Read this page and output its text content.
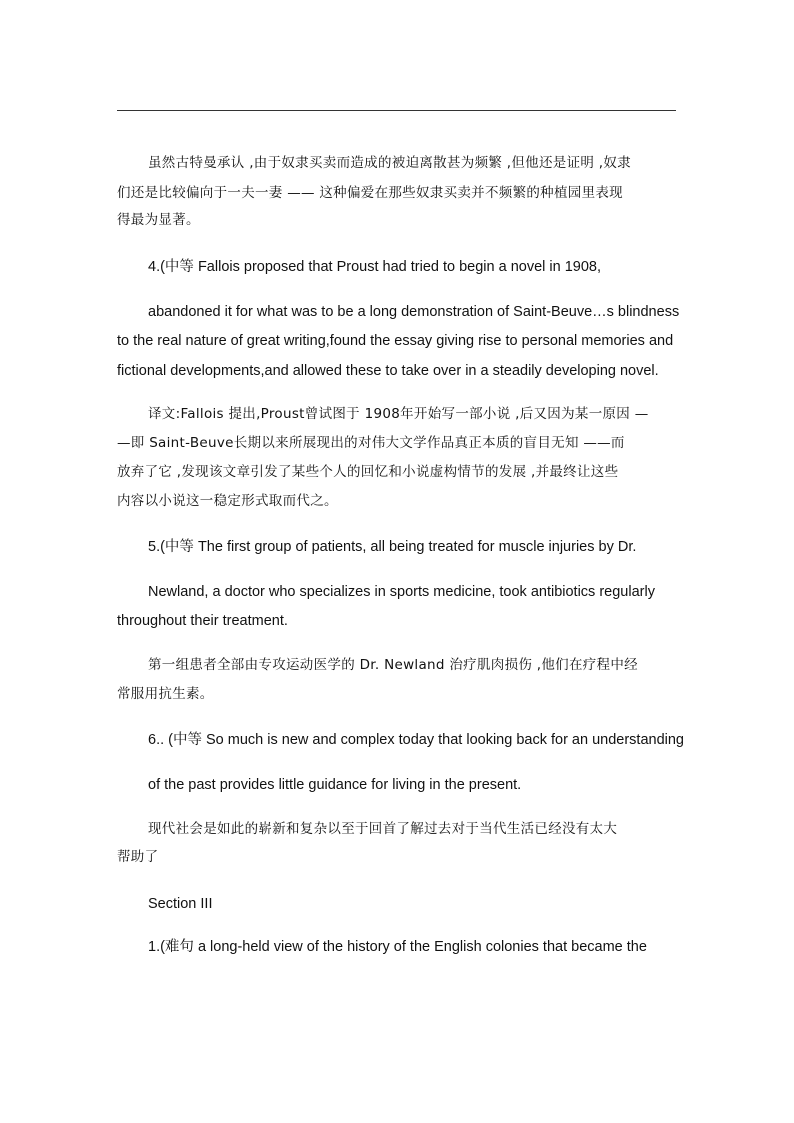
虽然古特曼承认 ,由于奴隶买卖而造成的被迫离散甚为频繁 ,但他还是证明 ,奴隶
们还是比较偏向于一夫一妻 —— 这种偏爱在那些奴隶买卖并不频繁的种植园里表现
得最为显著。
4.(中等 Fallois proposed that Proust had tried to begin a novel in 1908,
abandoned it for what was to be a long demonstration of Saint-Beuve…s blindness
to the real nature of great writing,found the essay giving rise to personal memories and
fictional developments,and allowed these to take over in a steadily developing novel.
译文:Fallois 提出,Proust曾试图于 1908年开始写一部小说 ,后又因为某一原因 —
—即 Saint-Beuve长期以来所展现出的对伟大文学作品真正本质的盲目无知 ——而
放弃了它 ,发现该文章引发了某些个人的回忆和小说虚构情节的发展 ,并最终让这些
内容以小说这一稳定形式取而代之。
5.(中等 The first group of patients, all being treated for muscle injuries by Dr.
Newland, a doctor who specializes in sports medicine, took antibiotics regularly
throughout their treatment.
第一组患者全部由专攻运动医学的 Dr. Newland 治疗肌肉损伤 ,他们在疗程中经
常服用抗生素。
6.. (中等 So much is new and complex today that looking back for an understanding
of the past provides little guidance for living in the present.
现代社会是如此的崭新和复杂以至于回首了解过去对于当代生活已经没有太大
帮助了
Section III
1.(难句 a long-held view of the history of the English colonies that became the
